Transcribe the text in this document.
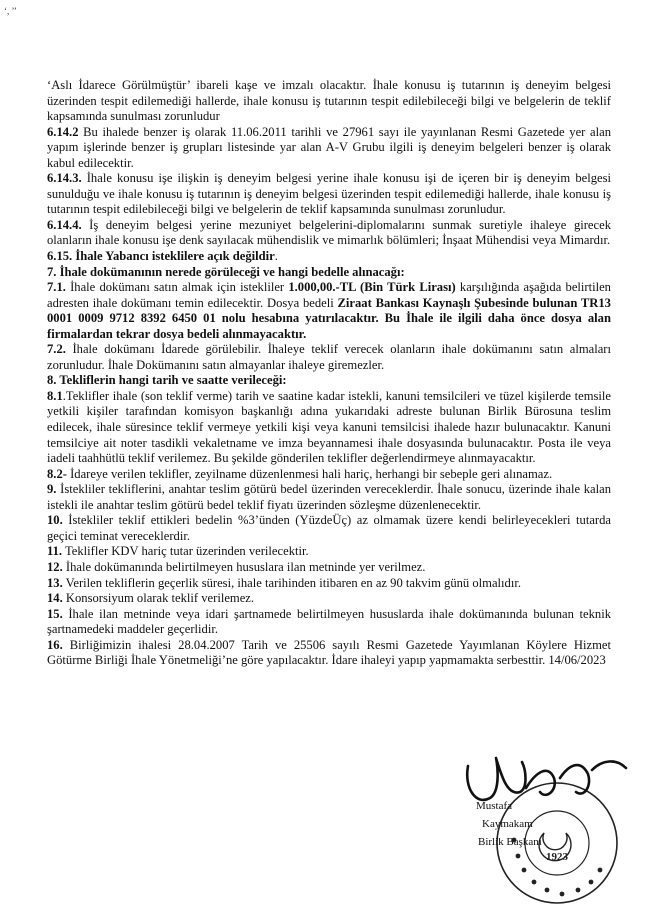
‘, ’’

‘Aslı İdarece Görülmüştür’ ibareli kaşe ve imzalı olacaktır. İhale konusu iş tutarının iş deneyim belgesi üzerinden tespit edilemediği hallerde, ihale konusu iş tutarının tespit edilebileceği bilgi ve belgelerin de teklif kapsamında sunulması zorunludur

6.14.2 Bu ihalede benzer iş olarak 11.06.2011 tarihli ve 27961 sayı ile yayınlanan Resmi Gazetede yer alan yapım işlerinde benzer iş grupları listesinde yar alan A-V Grubu ilgili iş deneyim belgeleri benzer iş olarak kabul edilecektir.

6.14.3. İhale konusu işe ilişkin iş deneyim belgesi yerine ihale konusu işi de içeren bir iş deneyim belgesi sunulduğu ve ihale konusu iş tutarının iş deneyim belgesi üzerinden tespit edilemediği hallerde, ihale konusu iş tutarının tespit edilebileceği bilgi ve belgelerin de teklif kapsamında sunulması zorunludur.

6.14.4. İş deneyim belgesi yerine mezuniyet belgelerini-diplomalarını sunmak suretiyle ihaleye girecek olanların ihale konusu işe denk sayılacak mühendislik ve mimarlık bölümleri; İnşaat Mühendisi veya Mimardır.

6.15. İhale Yabancı isteklilere açık değildir.

7. İhale dokümanının nerede görüleceği ve hangi bedelle alınacağı:

7.1. İhale dokümanı satın almak için istekliler 1.000,00.-TL (Bin Türk Lirası) karşılığında aşağıda belirtilen adresten ihale dokümanı temin edilecektir. Dosya bedeli Ziraat Bankası Kaynaşlı Şubesinde bulunan TR13 0001 0009 9712 8392 6450 01 nolu hesabına yatırılacaktır. Bu İhale ile ilgili daha önce dosya alan firmalardan tekrar dosya bedeli alınmayacaktır.

7.2. İhale dokümanı İdarede görülebilir. İhaleye teklif verecek olanların ihale dokümanını satın almaları zorunludur. İhale Dokümanını satın almayanlar ihaleye giremezler.

8. Tekliflerin hangi tarih ve saatte verileceği:

8.1.Teklifler ihale (son teklif verme) tarih ve saatine kadar istekli, kanuni temsilcileri ve tüzel kişilerde temsile yetkili kişiler tarafından komisyon başkanlığı adına yukarıdaki adreste bulunan Birlik Bürosuna teslim edilecek, ihale süresince teklif vermeye yetkili kişi veya kanuni temsilcisi ihalede hazır bulunacaktır. Kanuni temsilciye ait noter tasdikli vekaletname ve imza beyannamesi ihale dosyasında bulunacaktır. Posta ile veya iadeli taahhütlü teklif verilemez. Bu şekilde gönderilen teklifler değerlendirmeye alınmayacaktır.

8.2- İdareye verilen teklifler, zeyilname düzenlenmesi hali hariç, herhangi bir sebeple geri alınamaz.

9. İstekliler tekliflerini, anahtar teslim götürü bedel üzerinden vereceklerdir. İhale sonucu, üzerinde ihale kalan istekli ile anahtar teslim götürü bedel teklif fiyatı üzerinden sözleşme düzenlenecektir.

10. İstekliler teklif ettikleri bedelin %3’ünden (YüzdeÜç) az olmamak üzere kendi belirleyecekleri tutarda geçici teminat vereceklerdir.

11. Teklifler KDV hariç tutar üzerinden verilecektir.

12. İhale dokümanında belirtilmeyen hususlara ilan metninde yer verilmez.

13. Verilen tekliflerin geçerlik süresi, ihale tarihinden itibaren en az 90 takvim günü olmalıdır.

14. Konsorsiyum olarak teklif verilemez.

15. İhale ilan metninde veya idari şartnamede belirtilmeyen hususlarda ihale dokümanında bulunan teknik şartnamedeki maddeler geçerlidir.

16. Birliğimizin ihalesi 28.04.2007 Tarih ve 25506 sayılı Resmi Gazetede Yayımlanan Köylere Hizmet Götürme Birliği İhale Yönetmeliği’ne göre yapılacaktır. İdare ihaleyi yapıp yapmamakta serbesttir. 14/06/2023

1923
Mustafa
Kaymakam
Birlik Başkanı
